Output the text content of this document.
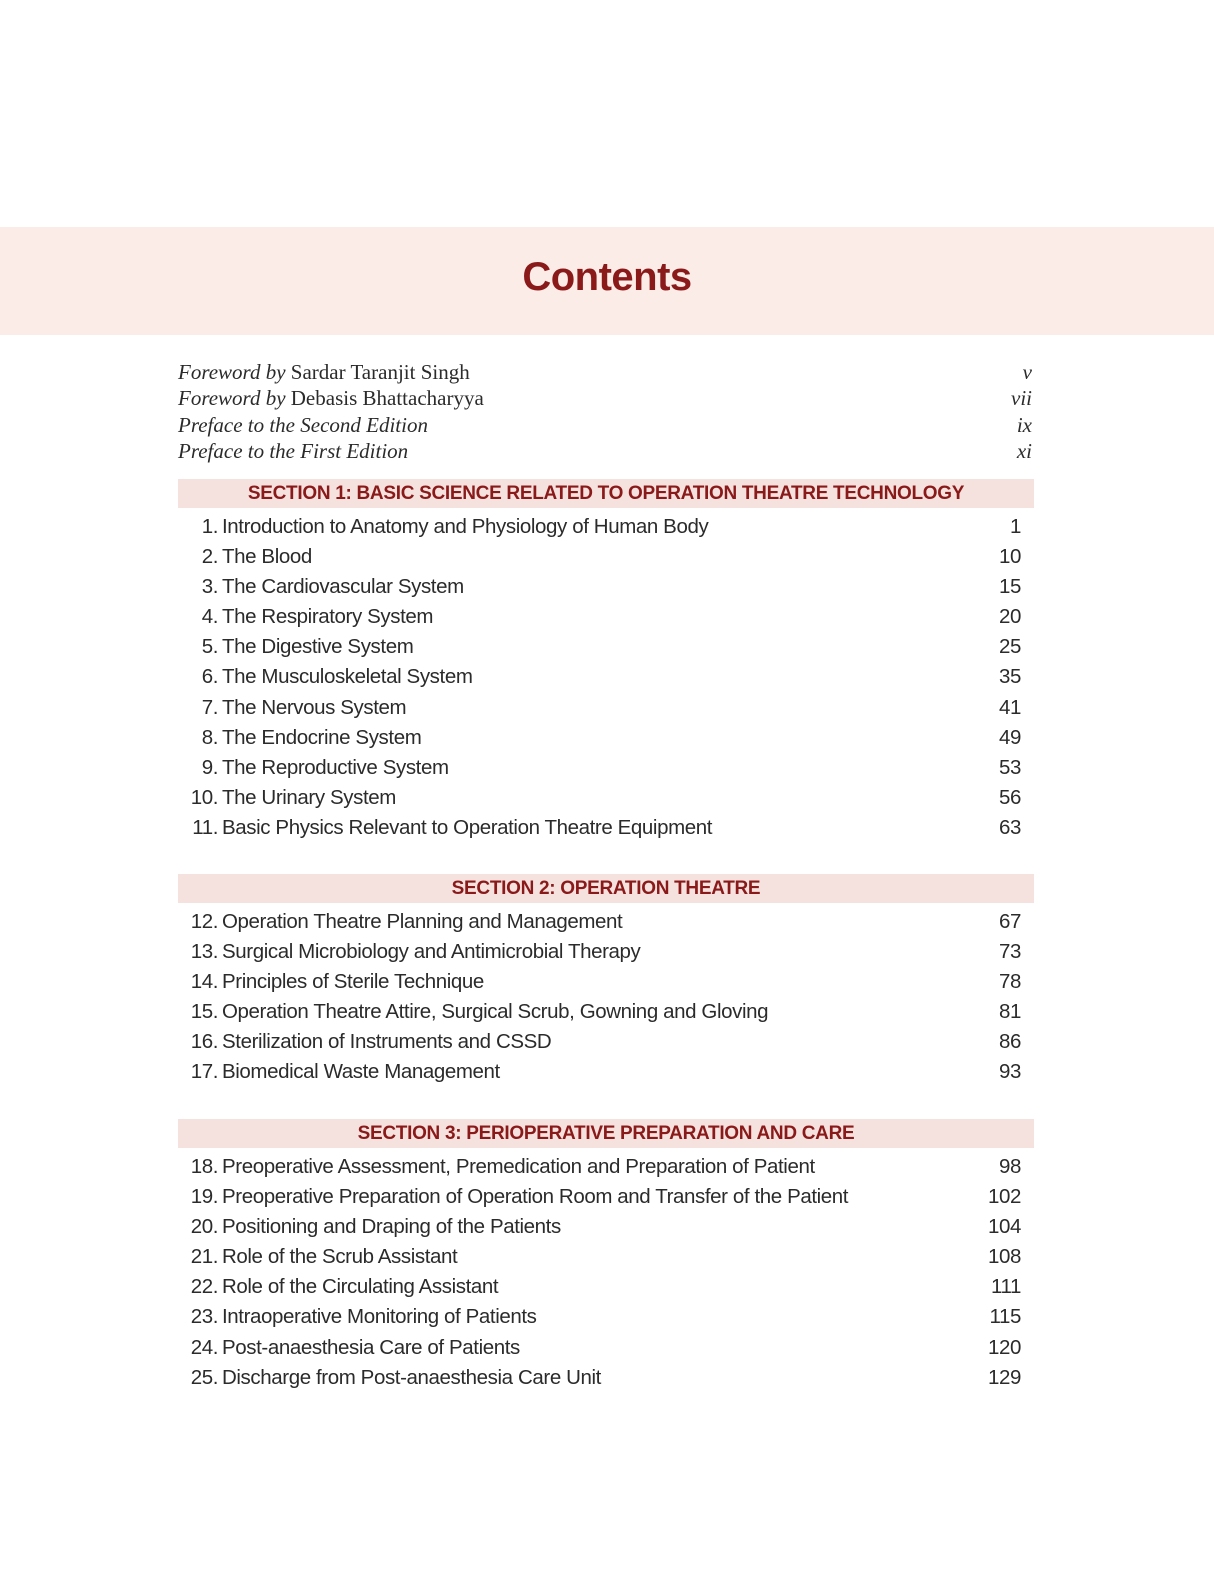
Contents
Foreword by Sardar Taranjit Singh	v
Foreword by Debasis Bhattacharyya	vii
Preface to the Second Edition	ix
Preface to the First Edition	xi
SECTION 1: BASIC SCIENCE RELATED TO OPERATION THEATRE TECHNOLOGY
1. Introduction to Anatomy and Physiology of Human Body	1
2. The Blood	10
3. The Cardiovascular System	15
4. The Respiratory System	20
5. The Digestive System	25
6. The Musculoskeletal System	35
7. The Nervous System	41
8. The Endocrine System	49
9. The Reproductive System	53
10. The Urinary System	56
11. Basic Physics Relevant to Operation Theatre Equipment	63
SECTION 2: OPERATION THEATRE
12. Operation Theatre Planning and Management	67
13. Surgical Microbiology and Antimicrobial Therapy	73
14. Principles of Sterile Technique	78
15. Operation Theatre Attire, Surgical Scrub, Gowning and Gloving	81
16. Sterilization of Instruments and CSSD	86
17. Biomedical Waste Management	93
SECTION 3: PERIOPERATIVE PREPARATION AND CARE
18. Preoperative Assessment, Premedication and Preparation of Patient	98
19. Preoperative Preparation of Operation Room and Transfer of the Patient	102
20. Positioning and Draping of the Patients	104
21. Role of the Scrub Assistant	108
22. Role of the Circulating Assistant	111
23. Intraoperative Monitoring of Patients	115
24. Post-anaesthesia Care of Patients	120
25. Discharge from Post-anaesthesia Care Unit	129
